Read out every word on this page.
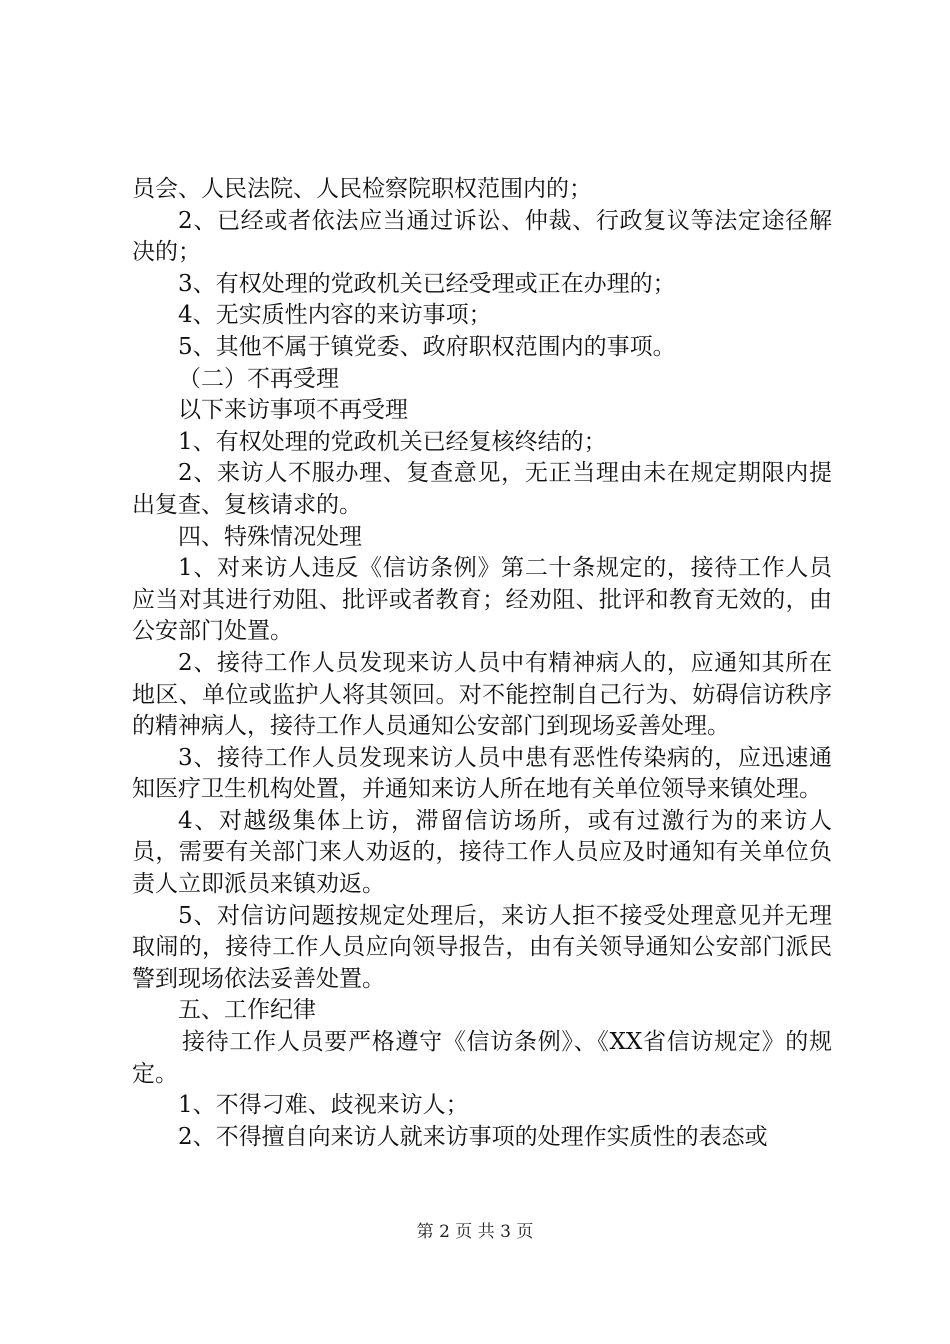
员会、人民法院、人民检察院职权范围内的；

2、已经或者依法应当通过诉讼、仲裁、行政复议等法定途径解决的；

3、有权处理的党政机关已经受理或正在办理的；

4、无实质性内容的来访事项；

5、其他不属于镇党委、政府职权范围内的事项。

（二）不再受理

以下来访事项不再受理

1、有权处理的党政机关已经复核终结的；

2、来访人不服办理、复查意见，无正当理由未在规定期限内提出复查、复核请求的。

四、特殊情况处理

1、对来访人违反《信访条例》第二十条规定的，接待工作人员应当对其进行劝阻、批评或者教育；经劝阻、批评和教育无效的，由公安部门处置。

2、接待工作人员发现来访人员中有精神病人的，应通知其所在地区、单位或监护人将其领回。对不能控制自己行为、妨碍信访秩序的精神病人，接待工作人员通知公安部门到现场妥善处理。

3、接待工作人员发现来访人员中患有恶性传染病的，应迅速通知医疗卫生机构处置，并通知来访人所在地有关单位领导来镇处理。

4、对越级集体上访，滞留信访场所，或有过激行为的来访人员，需要有关部门来人劝返的，接待工作人员应及时通知有关单位负责人立即派员来镇劝返。

5、对信访问题按规定处理后，来访人拒不接受处理意见并无理取闹的，接待工作人员应向领导报告，由有关领导通知公安部门派民警到现场依法妥善处置。

五、工作纪律

接待工作人员要严格遵守《信访条例》、《XX省信访规定》的规定。

1、不得刁难、歧视来访人；

2、不得擅自向来访人就来访事项的处理作实质性的表态或

第 2 页 共 3 页
